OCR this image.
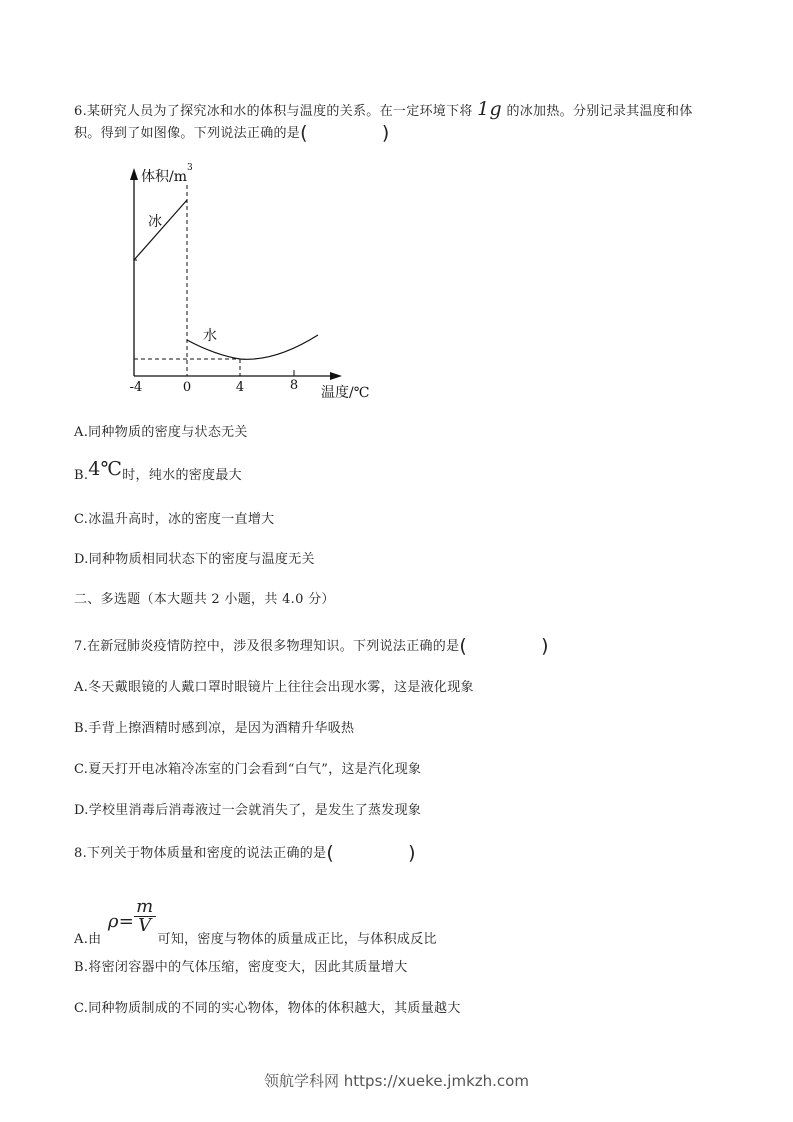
6.某研究人员为了探究冰和水的体积与温度的关系。在一定环境下将 1g 的冰加热。分别记录其温度和体
积。得到了如图像。下列说法正确的是(	)
体积/m
3
冰
水
-4	0	4	8 温度/℃
A.同种物质的密度与状态无关
B.4℃时，纯水的密度最大
C.冰温升高时，冰的密度一直增大
D.同种物质相同状态下的密度与温度无关
二、多选题（本大题共 2 小题，共 4.0 分）
7.在新冠肺炎疫情防控中，涉及很多物理知识。下列说法正确的是(	)
A.冬天戴眼镜的人戴口罩时眼镜片上往往会出现水雾，这是液化现象
B.手背上擦酒精时感到凉，是因为酒精升华吸热
C.夏天打开电冰箱冷冻室的门会看到“白气”，这是汽化现象
D.学校里消毒后消毒液过一会就消失了，是发生了蒸发现象
8.下列关于物体质量和密度的说法正确的是(	)
A.由 $\rho= \frac{m}{V}$
可知，密度与物体的质量成正比，与体积成反比
B.将密闭容器中的气体压缩，密度变大，因此其质量增大
C.同种物质制成的不同的实心物体，物体的体积越大，其质量越大
领航学科网 https://xueke.jmkzh.com
